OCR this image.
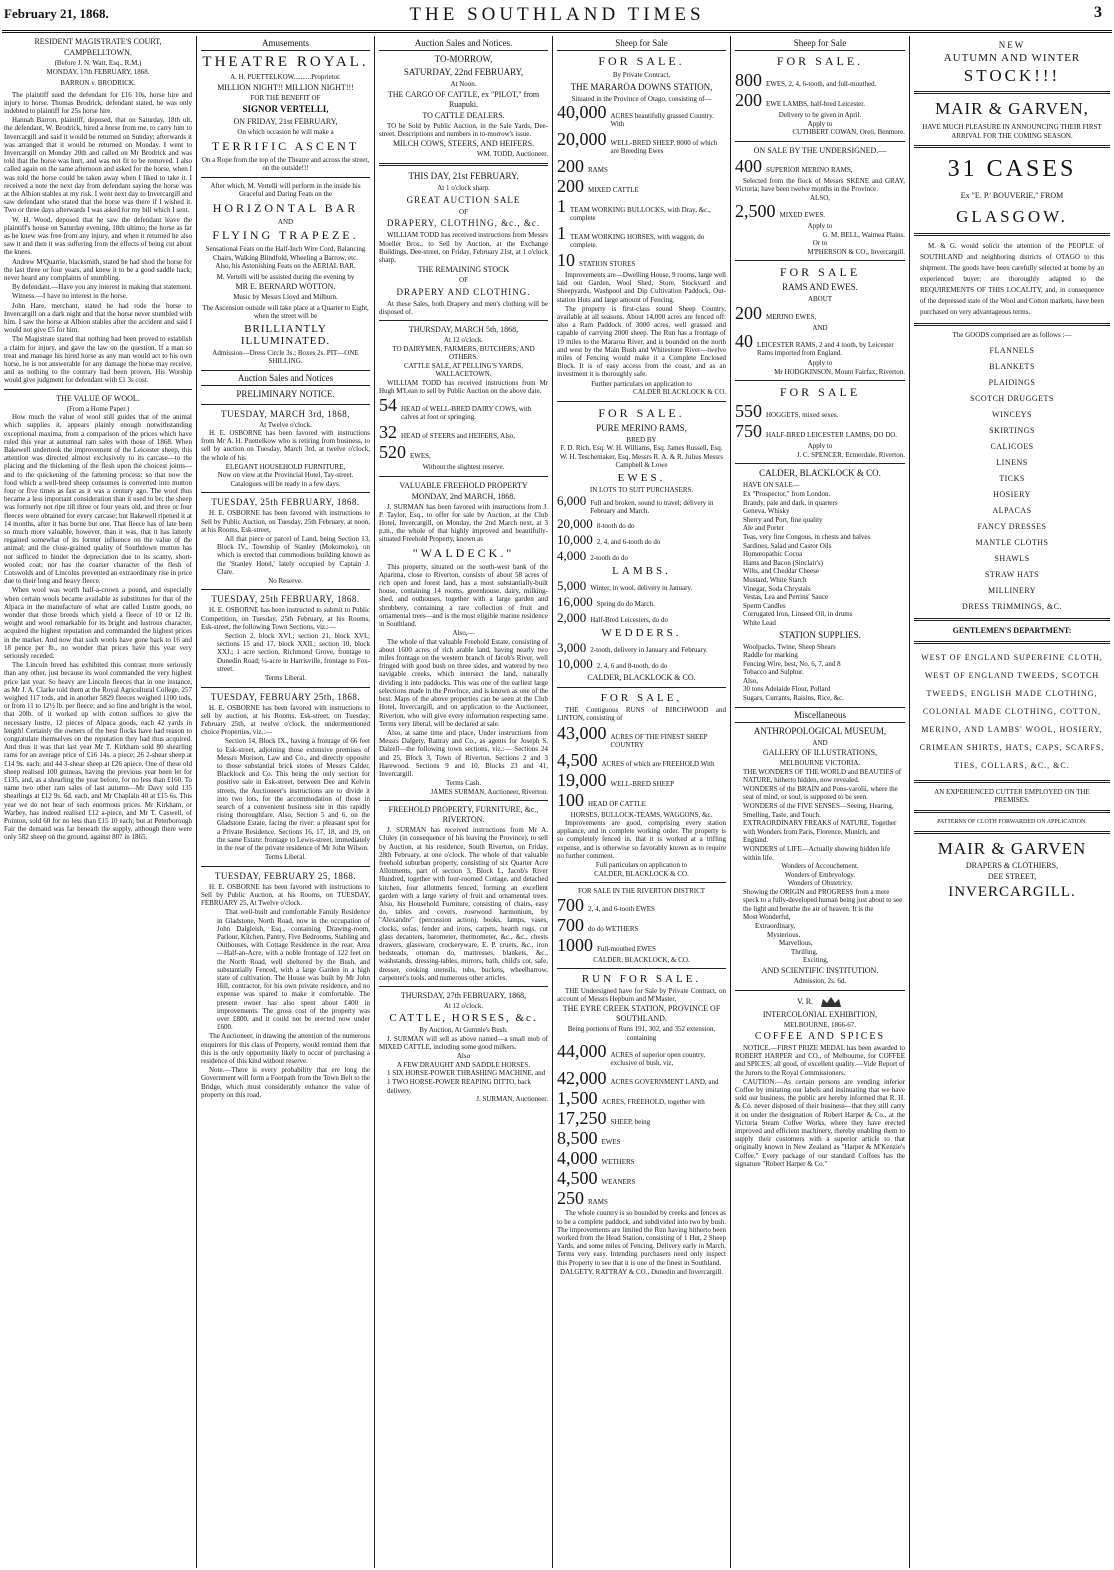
February 21, 1868.	THE SOUTHLAND TIMES	3
RESIDENT MAGISTRATE'S COURT,
CAMPBELLTOWN.
(Before J. N. Watt, Esq., R.M.)
MONDAY, 17th FEBRUARY, 1868.
BARRON v. BRODRICK.

The plaintiff sued the defendant for £16 10s, horse hire and injury to horse. Thomas Brodrick, defendant stated, he was only indebted to plaintiff for 25s horse hire.

Hannah Barron, plaintiff, deposed, that on Saturday, 18th ult, the defendant, W. Brodrick, hired a horse from me, to carry him to Invercargill and said it would be returned on Sunday; afterwards it was arranged that it would be returned on Monday. I went to Invercargill on Monday 20th and called on Mr Brodrick and was told that the horse was hurt, and was not fit to be removed. I also called again on the same afternoon and asked for the horse, when I was told the horse could be taken away when I liked to take it. I received a note the next day from defendant saying the horse was at the Albion stables at my risk. I went next day to Invercargill and saw defendant who stated that the horse was there if I wished it. Two or three days afterwards I was asked for my bill which I sent.

W. H. Wood, deposed that he saw the defendant leave the plaintiff's house on Saturday evening, 18th ultimo; the horse as far as he knew was free from any injury, and when it returned he also saw it and then it was suffering from the effects of being cut about the knees.

Andrew M'Quarrie, blacksmith, stated he had shod the horse for the last three or four years, and knew it to be a good saddle hack; never heard any complaints of stumbling.

By defendant.—Have you any interest in making that statement.

Witness.—I have no interest in the horse.

John Hare, merchant, stated he had rode the horse to Invercargill on a dark night and that the horse never stumbled with him. I saw the horse at Albion stables after the accident and said I would not give £5 for him.

The Magistrate stated that nothing had been proved to establish a claim for injury, and gave the law on the question. If a man so treat and manage his hired horse as any man would act to his own horse, he is not answerable for any damage the horse may receive, and as nothing to the contrary had been proven, His Worship would give judgment for defendant with £1 3s cost.

THE VALUE OF WOOL.
(From a Home Paper.)

How much the value of wool still guides that of the animal which supplies it, appears plainly enough notwithstanding exceptional maxima, from a comparison of the prices which have ruled this year at autumnal ram sales with those of 1868. When Bakewell undertook the improvement of the Leicester sheep, this attention was directed almost exclusively to its carcase—to the placing and the thickening of the flesh upon the choicest joints—and to the quickening of the fattening process: so that now the food which a well-bred sheep consumes is converted into mutton four or five times as fast as it was a century ago. The wool thus became a less important consideration than it used to be; the sheep was formerly not ripe till three or four years old, and three or four fleeces were obtained for every carcase; but Bakewell ripened it at 14 months, after it has borne but one. That fleece has of late been so much more valuable, however, than it was, that it has latterly regained somewhat of its former influence on the value of the animal; and the close-grained quality of Southdown mutton has not sufficed to hinder the depreciation due to its scanty, short-wooled coat; nor has the coarser character of the flesh of Cotswolds and of Lincolns prevented an extraordinary rise in price due to their long and heavy fleece.

When wool was worth half-a-crown a pound, and especially when certain wools became available as substitutes for that of the Alpaca in the manufacture of what are called Lustre goods, no wonder that those breeds which yield a fleece of 10 or 12 lb. weight and wool remarkable for its bright and lustrous character, acquired the highest reputation and commanded the highest prices in the market. And now that such wools have gone back to 16 and 18 pence per lb., no wonder that prices have this year very seriously receded.

The Lincoln breed has exhibited this contrast more seriously than any other, just because its wool commanded the very highest price last year. So heavy are Lincoln fleeces that in one instance, as Mr J. A. Clarke told them at the Royal Agricultural College, 257 weighed 117 tods, and in another 5829 fleeces weighed 1100 tods, or from 11 to 12½ lb. per fleece; and so fine and bright is the wool, that 20lb. of it worked up with cotton suffices to give the necessary lustre, 12 pieces of Alpaca goods, each 42 yards in length! Certainly the owners of the best flocks have had reason to congratulate themselves on the reputation they had thus acquired. And thus it was that last year Mr T. Kirkham sold 80 shearling rams for an average price of £16 14s. a piece; 26 2-shear sheep at £14 9s. each; and 44 3-shear sheep at £26 apiece. One of these old sheep realised 100 guineas, having the previous year been let for £135, and, as a shearling the year before, for no less than £160. To name two other ram sales of last autumn—Mr Davy sold 135 shearlings at £12 9s. 6d. each, and Mr Chaplain 40 at £15 6s. This year we do not hear of such enormous prices. Mr Kirkham, or Warbey, has indeed realised £12 a-piece, and Mr T. Caswell, of Pointon, sold 60 for no less than £15 10 each; but at Peterborough Fair the demand was far beneath the supply, although there were only 582 sheep on the ground, against 807 in 1865.

Amusements
THEATRE ROYAL.
A. H. PUETTELKOW..........Proprietor.
MILLION NIGHT!! MILLION NIGHT!!!
FOR THE BENEFIT OF
SIGNOR VERTELLI,
ON FRIDAY, 21st FEBRUARY,
On which occasion he will make a
TERRIFIC ASCENT
On a Rope from the top of the Theatre and across the street, on the outside!!!
After which, M. Vertelli will perform in the inside his Graceful and Daring Feats on the
HORIZONTAL BAR
AND
FLYING TRAPEZE.
Sensational Feats on the Half-Inch Wire Cord, Balancing Chairs, Walking Blindfold, Wheeling a Barrow, etc.
Also, his Astonishing Feats on the AERIAL BAR.
M. Vertelli will be assisted during the evening by
MR E. BERNARD WOTTON.
Music by Messrs Lloyd and Milburn.
The Ascension outside will take place at a Quarter to Eight, when the street will be
BRILLIANTLY ILLUMINATED.
Admission—Dress Circle 3s.; Boxes 2s. PIT—ONE SHILLING.
Auction Sales and Notices
PRELIMINARY NOTICE.
TUESDAY, MARCH 3rd, 1868,
At Twelve o'clock.

H. E. OSBORNE has been favored with instructions from Mr A. H. Puettelkow who is retiring from business, to sell by auction on Tuesday, March 3rd, at twelve o'clock, the whole of his

ELEGANT HOUSEHOLD FURNITURE,
Now on view at the Provincial Hotel, Tay-street.
Catalogues will be ready in a few days.
TUESDAY, 25th FEBRUARY, 1868.

H. E. OSBORNE has been favored with instructions to Sell by Public Auction, on Tuesday, 25th February, at noon, at his Rooms, Esk-street,

All that piece or parcel of Land, being Section 13, Block IV., Township of Stanley (Mokomoko), on which is erected that commodious building known as the 'Stanley Hotel,' lately occupied by Captain J. Clare.

No Reserve.
TUESDAY, 25th FEBRUARY, 1868.

H. E. OSBORNE has been instructed to submit to Public Competition, on Tuesday, 25th February, at his Rooms, Esk-street, the following Town Sections, viz.:—

Section 2, block XVI.; section 21, block XVI.; sections 15 and 17, block XXII.; section 10, block XXI.; 1 acre section, Richmond Grove, frontage to Dunedin Road; ¼-acre in Harrisville, frontage to Fox-street.

Terms Liberal.
TUESDAY, FEBRUARY 25th, 1868.

H. E. OSBORNE has been favored with instructions to sell by auction, at his Rooms, Esk-street, on Tuesday, February 25th, at twelve o'clock, the undermentioned choice Properties, viz.:—

Section 14, Block IX., having a frontage of 66 feet to Esk-street, adjoining those extensive premises of Messrs Morison, Law and Co., and directly opposite to those substantial brick stores of Messrs Calder, Blacklock and Co. This being the only section for positive sale in Esk-street, between Dee and Kelvin streets, the Auctioneer's instructions are to divide it into two lots, for the accommodation of those in search of a convenient business site in this rapidly rising thoroughfare. Also, Section 5 and 6, on the Gladstone Estate, facing the river: a pleasant spot for a Private Residence. Sections 16, 17, 18, and 19, on the same Estate: frontage to Lewis-street, immediately in the rear of the private residence of Mr John Wilson.

Terms Liberal.
TUESDAY, FEBRUARY 25, 1868.

H. E. OSBORNE has been favored with instructions to Sell by Public Auction, at his Rooms, on TUESDAY, FEBRUARY 25, At Twelve o'clock.

That well-built and comfortable Family Residence in Gladstone, North Road, now in the occupation of John Dalgleish, Esq., containing Drawing-room, Parlour, Kitchen, Pantry, Five Bedrooms, Stabling and Outhouses, with Cottage Residence in the rear, Area—Half-an-Acre, with a noble frontage of 122 feet on the North Road, well sheltered by the Bush, and substantially Fenced, with a large Garden in a high state of cultivation. The House was built by Mr John Hill, contractor, for his own private residence, and no expense was spared to make it comfortable. The present owner has also spent about £400 in improvements. The gross cost of the property was over £800, and it could not be erected now under £600.

The Auctioneer, in drawing the attention of the numerous enquirers for this class of Property, would remind them that this is the only opportunity likely to occur of purchasing a residence of this kind without reserve.

Note.—There is every probability that ere long the Government will form a Footpath from the Town Belt to the Bridge, which must considerably enhance the value of property on this road.

Auction Sales and Notices.
TO-MORROW,
SATURDAY, 22nd FEBRUARY,
At Noon.
THE CARGO OF CATTLE, ex "PILOT," from Ruapuki.
TO CATTLE DEALERS.

TO be Sold by Public Auction, in the Sale Yards, Dee-street. Descriptions and numbers in to-morrow's issue.

MILCH COWS, STEERS, AND HEIFERS.
WM. TODD, Auctioneer.
THIS DAY, 21st FEBRUARY.
At 1 o'clock sharp.
GREAT AUCTION SALE
OF
DRAPERY, CLOTHING, &c., &c.

WILLIAM TODD has received instructions from Messrs Moeller Bros., to Sell by Auction, at the Exchange Buildings, Dee-street, on Friday, February 21st, at 1 o'clock sharp,

THE REMAINING STOCK
OF
DRAPERY AND CLOTHING.

At these Sales, both Drapery and men's clothing will be disposed of.

THURSDAY, MARCH 5th, 1868,
At 12 o'clock.
TO DAIRYMEN, FARMERS, BUTCHERS, AND OTHERS.
CATTLE SALE, AT PELLING'S YARDS, WALLACETOWN.

WILLIAM TODD has received instructions from Mr Hugh M'Lean to sell by Public Auction on the above date.

54 HEAD of WELL-BRED DAIRY COWS, with calves at foot or springing.
32 HEAD of STEERS and HEIFERS, Also,
520 EWES,
Without the slightest reserve.
VALUABLE FREEHOLD PROPERTY
MONDAY, 2nd MARCH, 1868.

J. SURMAN has been favored with instructions from J. P. Taylor, Esq., to offer for sale by Auction, at the Club Hotel, Invercargill, on Monday, the 2nd March next, at 3 p.m., the whole of that highly improved and beautifully-situated Freehold Property, known as

"WALDECK."

This property, situated on the south-west bank of the Aparima, close to Riverton, consists of about 58 acres of rich open and forest land, has a most substantially-built house, containing 14 rooms, greenhouse, dairy, milking-shed, and outhouses, together with a large garden and shrubbery, containing a rare collection of fruit and ornamental trees—and is the most eligible marine residence in Southland.

Also,—

The whole of that valuable Freehold Estate, consisting of about 1600 acres of rich arable land, having nearly two miles frontage on the western branch of Jacob's River, well fringed with good bush on three sides, and watered by two navigable creeks, which intersect the land, naturally dividing it into paddocks. This was one of the earliest large selections made in the Province, and is known as one of the best. Maps of the above properties can be seen at the Club Hotel, Invercargill, and on application to the Auctioneer, Riverton, who will give every information respecting same. Terms very liberal, will be declared at sale.

Also, at same time and place, Under instructions from Messrs Dalgety, Rattray and Co., as agents for Joseph S. Dalzell—the following town sections, viz.:— Sections 24 and 25, Block 3, Town of Riverton. Sections 2 and 3 Harewood. Sections 9 and 10, Blocks 23 and 41, Invercargill.

Terms Cash.
JAMES SURMAN, Auctioneer, Riverton.
FREEHOLD PROPERTY, FURNITURE, &c., RIVERTON.

J. SURMAN has received instructions from Mr A. Cluley (in consequence of his leaving the Province), to sell by Auction, at his residence, South Riverton, on Friday, 28th February, at one o'clock. The whole of that valuable freehold suburban property, consisting of six Quarter Acre Allotments, part of section 3, Block I., Jacob's River Hundred, together with four-roomed Cottage, and detached kitchen, four allotments fenced, forming an excellent garden with a large variety of fruit and ornamental trees. Also, his Household Furniture, consisting of chairs, easy do, tables and covers, rosewood harmonium, by "Alexandre" (percussion action), books, lamps, vases, clocks, sofas, fender and irons, carpets, hearth rugs, cut glass decanters, barometer, thermometer, &c., &c., chests drawers, glassware, crockeryware, E. P. cruets, &c., iron bedsteads, ottoman do, mattresses, blankets, &c., washstands, dressing-tables, mirrors, bath, child's cot, safe, dresser, cooking utensils, tubs, buckets, wheelbarrow, carpenter's tools, and numerous other articles.

THURSDAY, 27th FEBRUARY, 1868,
At 12 o'clock.
CATTLE, HORSES, &c.
By Auction, At Gumnie's Bush.

J. SURMAN will sell as above named—a small mob of MIXED CATTLE, including some good milkers.

Also
A FEW DRAUGHT AND SADDLE HORSES.
1 SIX HORSE-POWER THRASHING MACHINE, and
1 TWO HORSE-POWER REAPING DITTO, back delivery.
J. SURMAN, Auctioneer.
Sheep for Sale
FOR SALE.
By Private Contract,
THE MARAROA DOWNS STATION,
Situated in the Province of Otago, consisting of—
40,000 ACRES beautifully grassed Country. With
20,000 WELL-BRED SHEEP, 8000 of which are Breeding Ewes
200 RAMS
200 MIXED CATTLE
1 TEAM WORKING BULLOCKS, with Dray, &c., complete
1 TEAM WORKING HORSES, with waggon, do complete.
10 STATION STORES

Improvements are—Dwelling House, 9 rooms, large well laid out Garden, Wool Shed, Store, Stockyard and Sheepyards, Washpool and Dip Cultivation Paddock, Out-station Huts and large amount of Fencing.

The property is first-class sound Sheep Country, available at all seasons. About 14,000 acres are fenced off: also a Ram Paddock of 3000 acres, well grassed and capable of carrying 2000 sheep. The Run has a frontage of 19 miles to the Mararoa River, and is bounded on the north and west by the Main Bush and Whitestone River—twelve miles of Fencing would make it a Complete Enclosed Block. It is of easy access from the coast, and as an investment it is thoroughly safe.

Further particulars on application to
CALDER BLACKLOCK & CO.
FOR SALE.
PURE MERINO RAMS,
BRED BY
F. D. Rich, Esq. W. H. Williams, Esq. James Russell, Esq. W. H. Teschemaker, Esq. Messrs R. A. & R. Julius Messrs Campbell & Lowe
EWES.
IN LOTS TO SUIT PURCHASERS.
6,000 Full and broken, sound to travel; delivery in February and March.
20,000 8-tooth do do
10,000 2, 4, and 6-tooth do do
4,000 2-tooth do do
LAMBS.
5,000 Winter, in wool, delivery in January.
16,000 Spring do do March.
2,000 Half-Bred Leicesters, do do
WEDDERS.
3,000 2-tooth, delivery in January and February.
10,000 2, 4, 6 and 8-tooth, do do
CALDER, BLACKLOCK & CO.
FOR SALE,

THE Contiguous RUNS of BIRCHWOOD and LINTON, consisting of

43,000 ACRES OF THE FINEST SHEEP COUNTRY
4,500 ACRES of which are FREEHOLD With
19,000 WELL-BRED SHEEP
100 HEAD OF CATTLE
HORSES, BULLOCK-TEAMS, WAGGONS, &c.

Improvements are good, comprising every station appliance, and in complete working order. The property is so completely fenced in, that it is worked at a trifling expense, and is otherwise so favorably known as to require no further comment.

Full particulars on application to
CALDER, BLACKLOCK & CO.
FOR SALE IN THE RIVERTON DISTRICT
700 2, 4, and 6-tooth EWES
700 do do WETHERS
1000 Full-mouthed EWES
CALDER, BLACKLOCK, & CO.
RUN FOR SALE.

THE Undersigned have for Sale by Private Contract, on account of Messrs Hepburn and M'Master,

THE EYRE CREEK STATION, PROVINCE OF SOUTHLAND.
Being portions of Runs 191, 302, and 352 extension, containing
44,000 ACRES of superior open country, exclusive of bush, viz,
42,000 ACRES GOVERNMENT LAND, and
1,500 ACRES, FREEHOLD, together with
17,250 SHEEP, being
8,500 EWES
4,000 WETHERS
4,500 WEANERS
250 RAMS

The whole country is so bounded by creeks and fences as to be a complete paddock, and subdivided into two by bush. The improvements are limited the Run having hitherto been worked from the Head Station, consisting of 1 Hut, 2 Sheep Yards, and some miles of Fencing. Delivery early in March. Terms very easy. Intending purchasers need only inspect this Property to see that it is one of the finest in Southland.

DALGETY, RATTRAY & CO., Dunedin and Invercargill.
Sheep for Sale
FOR SALE.
800 EWES, 2, 4, 6-tooth, and full-mouthed.
200 EWE LAMBS, half-bred Leicester.
Delivery to be given in April.
Apply to
CUTHBERT COWAN, Oreti, Benmore.
ON SALE BY THE UNDERSIGNED.—
400 SUPERIOR MERINO RAMS,

Selected from the flock of Messrs SKENE and GRAY, Victoria; have been twelve months in the Province.

ALSO,
2,500 MIXED EWES.
Apply to
G. M. BELL, Waimea Plains.
Or to
M'PHERSON & CO., Invercargill.
FOR SALE
RAMS AND EWES.
ABOUT
200 MERINO EWES,
AND
40 LEICESTER RAMS, 2 and 4 tooth, by Leicester Rams imported from England.
Apply to
Mr HODGKINSON, Mount Fairfax, Riverton.
FOR SALE
550 HOGGETS, mixed sexes.
750 HALF-BRED LEICESTER LAMBS, DO DO.
Apply to
J. C. SPENCER, Ecmerdale, Riverton.
CALDER, BLACKLOCK & CO.
HAVE ON SALE—
Ex "Prospector," from London.
Brandy, pale and dark, in quarters
Geneva, Whisky
Sherry and Port, fine quality
Ale and Porter
Teas, very fine Congous, in chests and halves
Sardines, Salad and Castor Oils
Homœopathic Cocoa
Hams and Bacon (Sinclair's)
Wilts, and Cheddar Cheese
Mustard, White Starch
Vinegar, Soda Chrystals
Vestas, Lea and Perrins' Sauce
Sperm Candles
Corrugated Iron, Linseed Oil, in drums
White Lead
STATION SUPPLIES.
Woolpacks, Twine, Sheep Shears
Raddle for marking
Fencing Wire, best, No. 6, 7, and 8
Tobacco and Sulphur.
Also,
30 tons Adelaide Flour, Pollard
Sugars, Currants, Raisins, Rice, &c.
Miscellaneous
ANTHROPOLOGICAL MUSEUM,
AND
GALLERY OF ILLUSTRATIONS,
MELBOURNE VICTORIA.
THE WONDERS OF THE WORLD and BEAUTIES of NATURE, hitherto hidden, now revealed.
WONDERS of the BRAIN and Pons-varolii, where the seat of mind, or soul, is supposed to be seen.
WONDERS of the FIVE SENSES—Seeing, Hearing, Smelling, Taste, and Touch.
EXTRAORDINARY FREAKS of NATURE, Together with Wonders from Paris, Florence, Munich, and England.
WONDERS of LIFE—Actually showing hidden life within life.
Wonders of Accouchement.
Wonders of Embryology.
Wonders of Obstetricy.
Showing the ORIGIN and PROGRESS from a mere speck to a fully-developed human being just about to see the light and breathe the air of heaven. It is the
Most Wonderful,
Extraordinary,
Mysterious,
Marvellous,
Thrilling,
Exciting,
AND SCIENTIFIC INSTITUTION.
Admission, 2s. 6d.
V. R.
INTERCOLONIAL EXHIBITION,
MELBOURNE, 1866-67.
COFFEE AND SPICES

NOTICE.—FIRST PRIZE MEDAL has been awarded to ROBERT HARPER and CO., of Melbourne, for COFFEE and SPICES; all good, of excellent quality.—Vide Report of the Jurors to the Royal Commissioners.

CAUTION.—As certain persons are vending inferior Coffee by imitating our labels and insinuating that we have sold our business, the public are hereby informed that R. H. & Co. never disposed of their business—that they still carry it on under the designation of Robert Harper & Co., at the Victoria Steam Coffee Works, where they have erected improved and efficient machinery, thereby enabling them to supply their customers with a superior article to that originally known in New Zealand as "Harper & M'Kenzie's Coffee." Every package of our standard Coffees has the signature "Robert Harper & Co."

NEW
AUTUMN AND WINTER
STOCK!!!
MAIR & GARVEN,
HAVE MUCH PLEASURE IN ANNOUNCING THEIR FIRST ARRIVAL FOR THE COMING SEASON.
31 CASES
Ex "E. P.' BOUVERIE," FROM
GLASGOW.

M. & G. would solicit the attention of the PEOPLE of SOUTHLAND and neighboring districts of OTAGO to this shipment. The goods have been carefully selected at home by an experienced buyer; are thoroughly adapted to the REQUIREMENTS OF THIS LOCALITY, and, in consequence of the depressed state of the Wool and Cotton markets, have been purchased on very advantageous terms.

The GOODS comprised are as follows :—
FLANNELS
BLANKETS
PLAIDINGS
SCOTCH DRUGGETS
WINCEYS
SKIRTINGS
CALICOES
LINENS
TICKS
HOSIERY
ALPACAS
FANCY DRESSES
MANTLE CLOTHS
SHAWLS
STRAW HATS
MILLINERY
DRESS TRIMMINGS, &C.
GENTLEMEN'S DEPARTMENT:

WEST OF ENGLAND SUPERFINE CLOTH, WEST OF ENGLAND TWEEDS, SCOTCH TWEEDS, ENGLISH MADE CLOTHING, COLONIAL MADE CLOTHING, COTTON, MERINO, AND LAMBS' WOOL, HOSIERY, CRIMEAN SHIRTS, HATS, CAPS, SCARFS, TIES, COLLARS, &C., &C.

AN EXPERIENCED CUTTER EMPLOYED ON THE PREMISES.
PATTERNS OF CLOTH FORWARDED ON APPLICATION.
MAIR & GARVEN
DRAPERS & CLOTHIERS,
DEE STREET,
INVERCARGILL.
